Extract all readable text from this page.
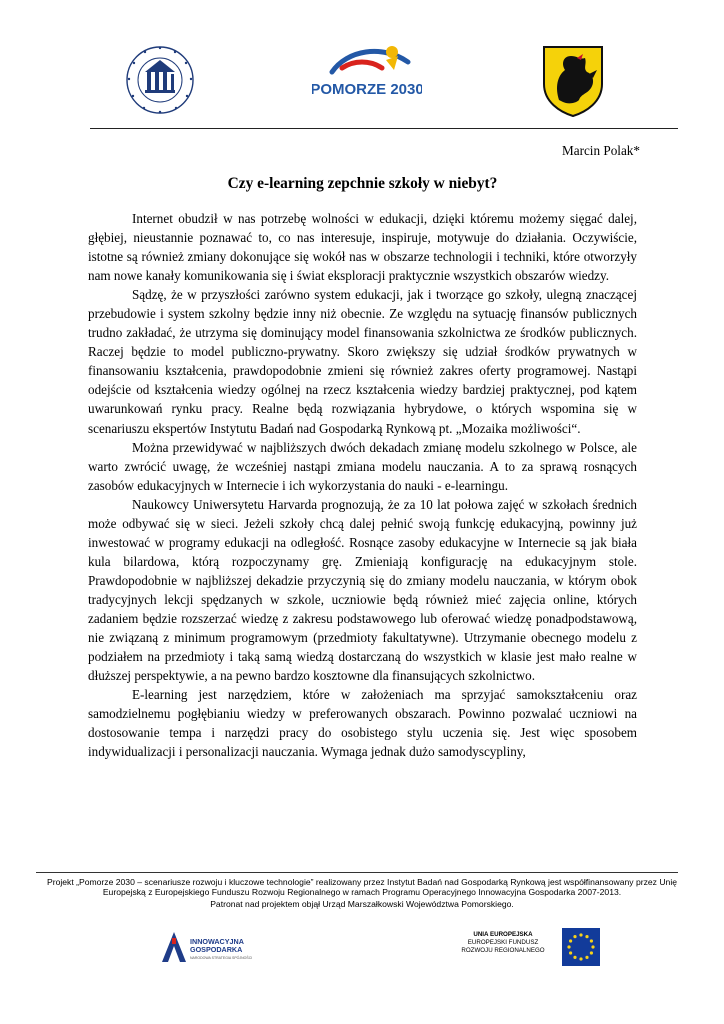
POMORZE 2030
Marcin Polak*
Czy e-learning zepchnie szkoły w niebyt?

Internet obudził w nas potrzebę wolności w edukacji, dzięki któremu możemy sięgać dalej, głębiej, nieustannie poznawać to, co nas interesuje, inspiruje, motywuje do działania. Oczywiście, istotne są również zmiany dokonujące się wokół nas w obszarze technologii i techniki, które otworzyły nam nowe kanały komunikowania się i świat eksploracji praktycznie wszystkich obszarów wiedzy.

Sądzę, że w przyszłości zarówno system edukacji, jak i tworzące go szkoły, ulegną znaczącej przebudowie i system szkolny będzie inny niż obecnie. Ze względu na sytuację finansów publicznych trudno zakładać, że utrzyma się dominujący model finansowania szkolnictwa ze środków publicznych. Raczej będzie to model publiczno-prywatny. Skoro zwiększy się udział środków prywatnych w finansowaniu kształcenia, prawdopodobnie zmieni się również zakres oferty programowej. Nastąpi odejście od kształcenia wiedzy ogólnej na rzecz kształcenia wiedzy bardziej praktycznej, pod kątem uwarunkowań rynku pracy. Realne będą rozwiązania hybrydowe, o których wspomina się w scenariuszu ekspertów Instytutu Badań nad Gospodarką Rynkową pt. „Mozaika możliwości“.

Można przewidywać w najbliższych dwóch dekadach zmianę modelu szkolnego w Polsce, ale warto zwrócić uwagę, że wcześniej nastąpi zmiana modelu nauczania. A to za sprawą rosnących zasobów edukacyjnych w Internecie i ich wykorzystania do nauki - e-learningu.

Naukowcy Uniwersytetu Harvarda prognozują, że za 10 lat połowa zajęć w szkołach średnich może odbywać się w sieci. Jeżeli szkoły chcą dalej pełnić swoją funkcję edukacyjną, powinny już inwestować w programy edukacji na odległość. Rosnące zasoby edukacyjne w Internecie są jak biała kula bilardowa, którą rozpoczynamy grę. Zmieniają konfigurację na edukacyjnym stole. Prawdopodobnie w najbliższej dekadzie przyczynią się do zmiany modelu nauczania, w którym obok tradycyjnych lekcji spędzanych w szkole, uczniowie będą również mieć zajęcia online, których zadaniem będzie rozszerzać wiedzę z zakresu podstawowego lub oferować wiedzę ponadpodstawową, nie związaną z minimum programowym (przedmioty fakultatywne). Utrzymanie obecnego modelu z podziałem na przedmioty i taką samą wiedzą dostarczaną do wszystkich w klasie jest mało realne w dłuższej perspektywie, a na pewno bardzo kosztowne dla finansujących szkolnictwo.

E-learning jest narzędziem, które w założeniach ma sprzyjać samokształceniu oraz samodzielnemu pogłębianiu wiedzy w preferowanych obszarach. Powinno pozwalać uczniowi na dostosowanie tempa i narzędzi pracy do osobistego stylu uczenia się. Jest więc sposobem indywidualizacji i personalizacji nauczania. Wymaga jednak dużo samodyscypliny,

Projekt „Pomorze 2030 – scenariusze rozwoju i kluczowe technologie” realizowany przez Instytut Badań nad Gospodarką Rynkową jest współfinansowany przez Unię Europejską z Europejskiego Funduszu Rozwoju Regionalnego w ramach Programu Operacyjnego Innowacyjna Gospodarka 2007-2013.
Patronat nad projektem objął Urząd Marszałkowski Województwa Pomorskiego.
INNOWACYJNA
GOSPODARKA
NARODOWA STRATEGIA SPÓJNOŚCI
UNIA EUROPEJSKA
EUROPEJSKI FUNDUSZ
ROZWOJU REGIONALNEGO
